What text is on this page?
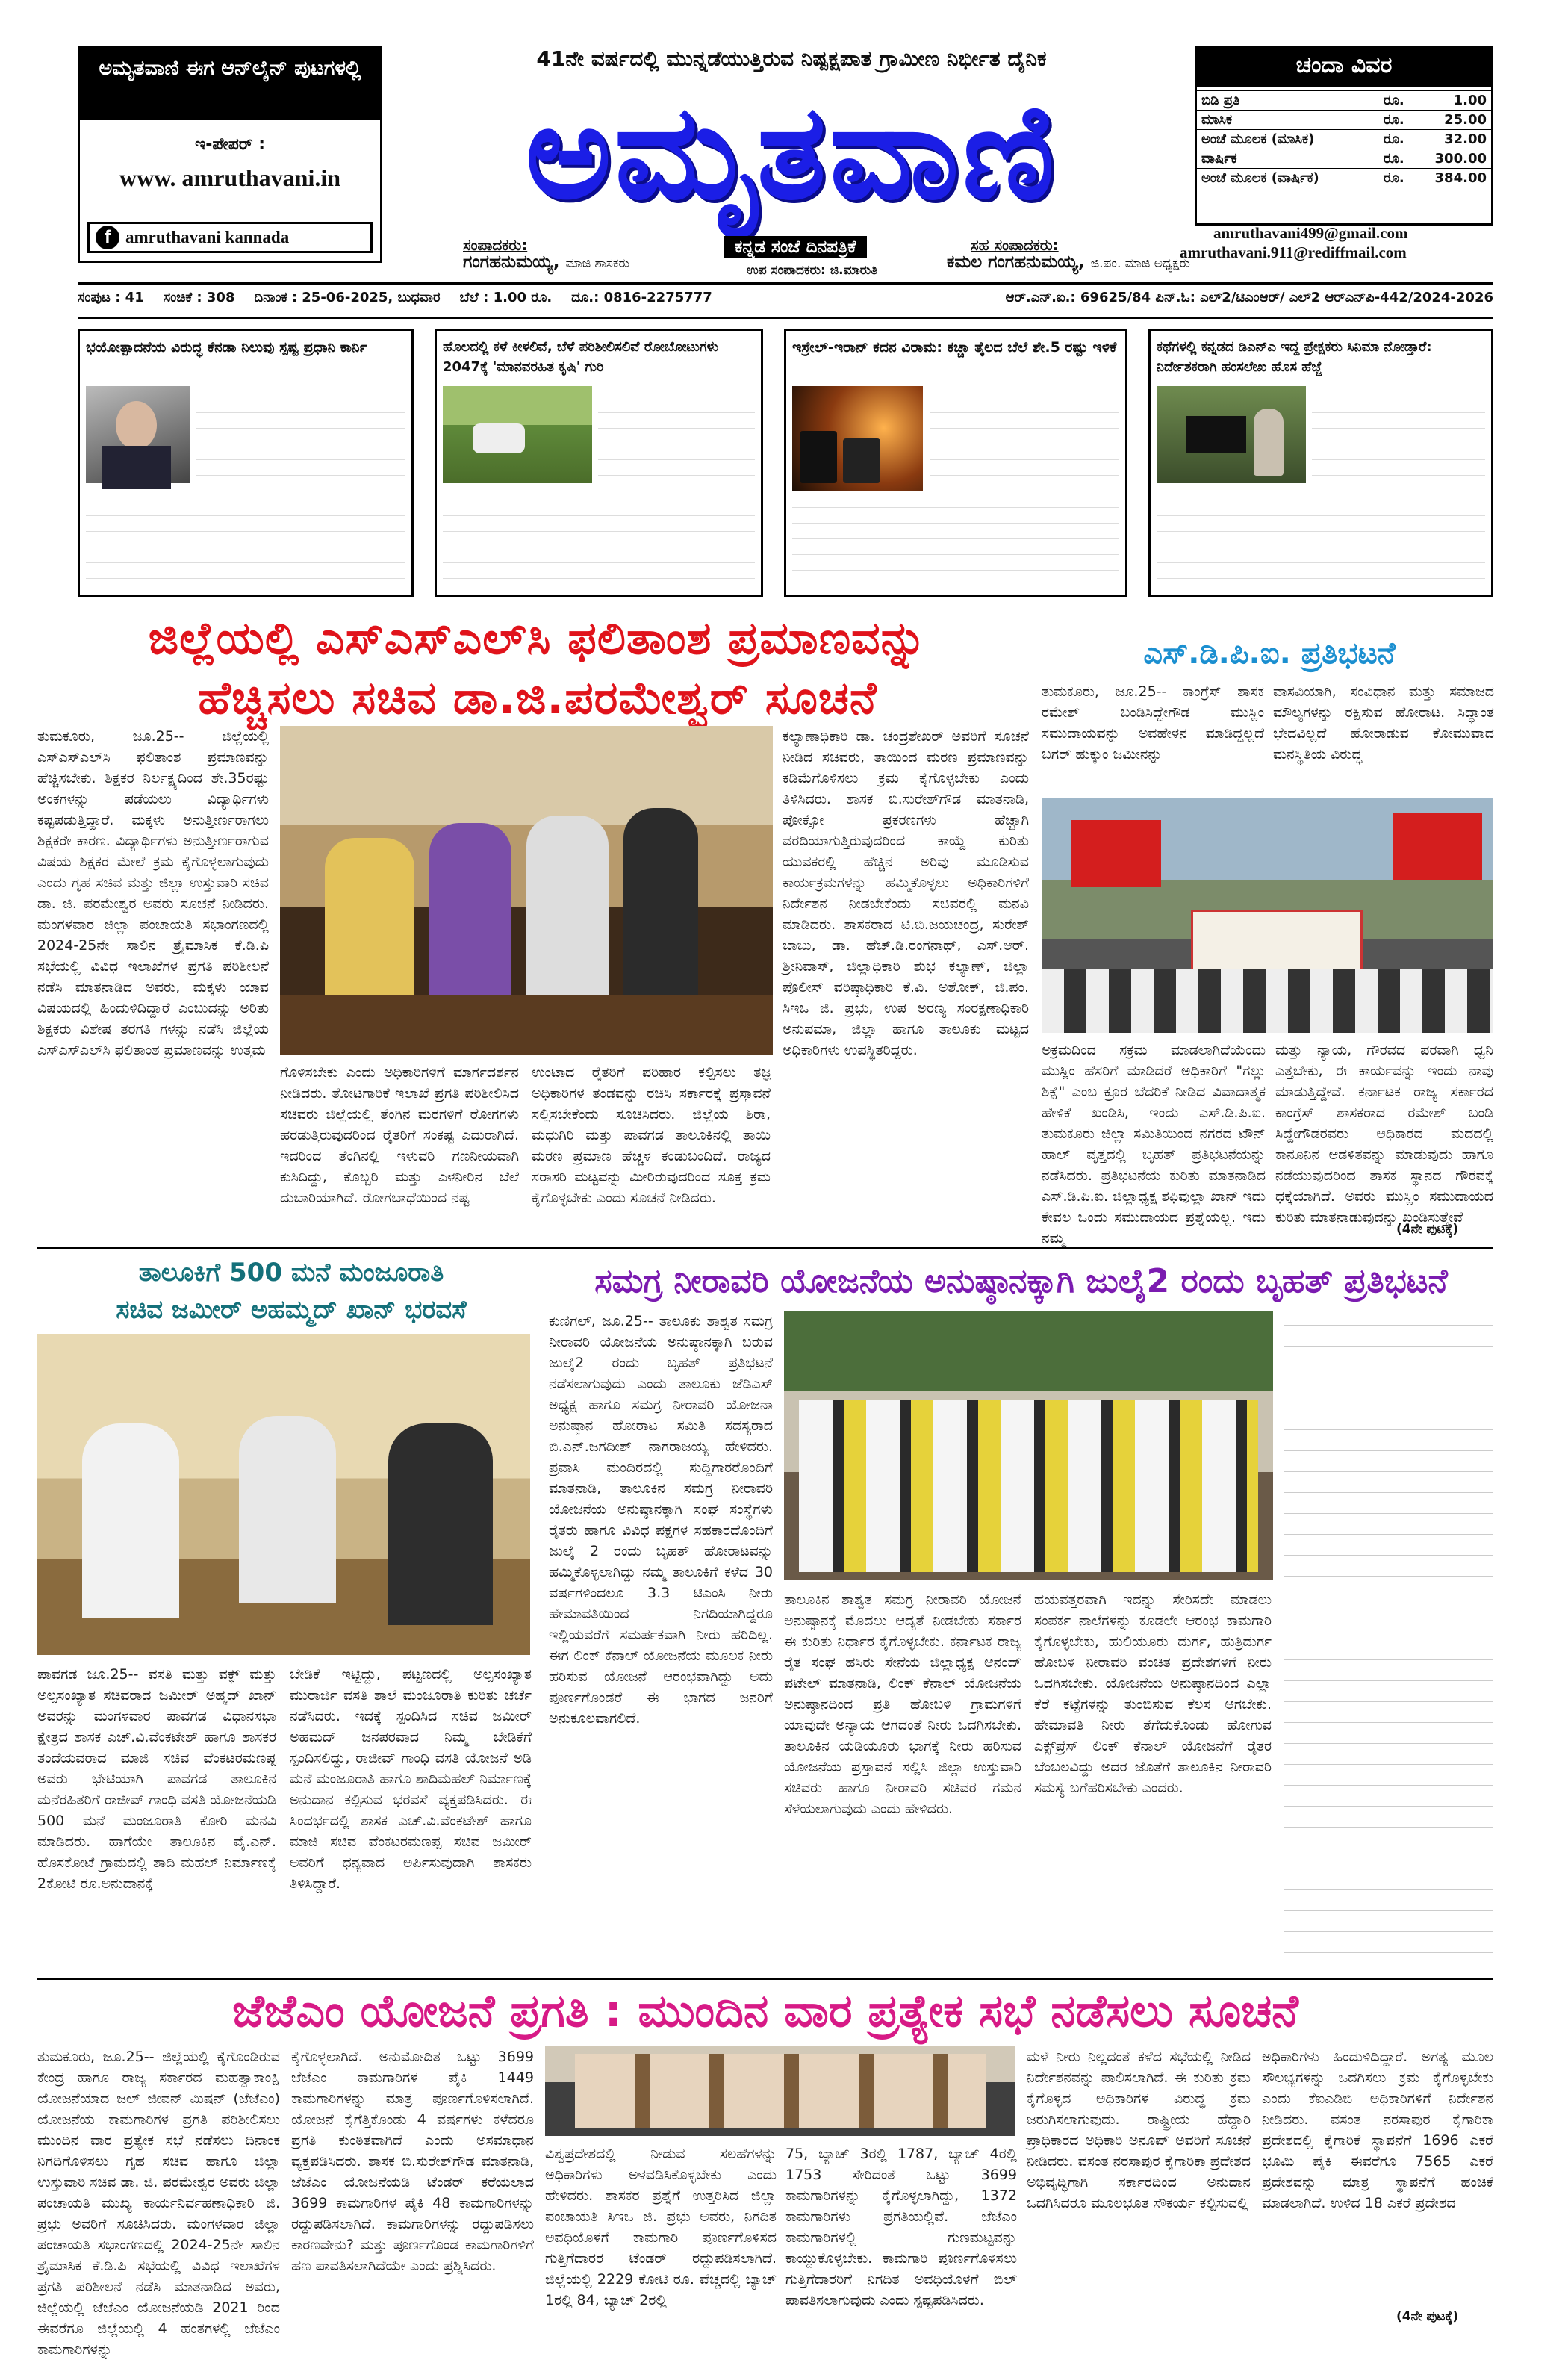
ಅಮೃತವಾಣಿ ಈಗ ಆನ್‌ಲೈನ್ ಪುಟಗಳಲ್ಲಿ
ಇ-ಪೇಪರ್ :
www. amruthavani.in
f amruthavani kannada
41ನೇ ವರ್ಷದಲ್ಲಿ ಮುನ್ನಡೆಯುತ್ತಿರುವ ನಿಷ್ಪಕ್ಷಪಾತ ಗ್ರಾಮೀಣ ನಿರ್ಭೀತ ದೈನಿಕ
ಅಮೃತವಾಣಿ
ಸಂಪಾದಕರು:
ಗಂಗಹನುಮಯ್ಯ, ಮಾಜಿ ಶಾಸಕರು
ಕನ್ನಡ ಸಂಜೆ ದಿನಪತ್ರಿಕೆ
ಉಪ ಸಂಪಾದಕರು: ಜಿ.ಮಾರುತಿ
ಸಹ ಸಂಪಾದಕರು:
ಕಮಲ ಗಂಗಹನುಮಯ್ಯ, ಜಿ.ಪಂ. ಮಾಜಿ ಅಧ್ಯಕ್ಷರು
ಚಂದಾ ವಿವರ
ಬಿಡಿ ಪ್ರತಿ	ರೂ.	1.00
ಮಾಸಿಕ	ರೂ.	25.00
ಅಂಚೆ ಮೂಲಕ (ಮಾಸಿಕ)	ರೂ.	32.00
ವಾರ್ಷಿಕ	ರೂ.	300.00
ಅಂಚೆ ಮೂಲಕ (ವಾರ್ಷಿಕ)	ರೂ.	384.00
amruthavani499@gmail.com
amruthavani.911@rediffmail.com
ಸಂಪುಟ : 41 ಸಂಚಿಕೆ : 308 ದಿನಾಂಕ : 25-06-2025, ಬುಧವಾರ ಬೆಲೆ : 1.00 ರೂ. ದೂ.: 0816-2275777	ಆರ್.ಎನ್.ಐ.: 69625/84 ಪಿನ್.ಓ: ಎಲ್2/ಟಿಎಂಆರ್/ ಎಲ್2 ಆರ್‌ಎನ್‌ಪಿ-442/2024-2026
ಭಯೋತ್ಪಾದನೆಯ ವಿರುದ್ಧ ಕೆನಡಾ ನಿಲುವು ಸ್ಪಷ್ಟ ಪ್ರಧಾನಿ ಕಾರ್ನಿ	ಹೊಲದಲ್ಲಿ ಕಳೆ ಕೀಳಲಿವೆ, ಬೆಳೆ ಪರಿಶೀಲಿಸಲಿವೆ ರೋಬೋಟುಗಳು 2047ಕ್ಕೆ 'ಮಾನವರಹಿತ ಕೃಷಿ' ಗುರಿ
ಇಸ್ರೇಲ್-ಇರಾನ್ ಕದನ ವಿರಾಮ: ಕಚ್ಚಾ ತೈಲದ ಬೆಲೆ ಶೇ.5 ರಷ್ಟು ಇಳಿಕೆ	ಕಥೆಗಳಲ್ಲಿ ಕನ್ನಡದ ಡಿಎನ್‌ಎ ಇದ್ದ ಪ್ರೇಕ್ಷಕರು ಸಿನಿಮಾ ನೋಡ್ತಾರೆ: ನಿರ್ದೇಶಕರಾಗಿ ಹಂಸಲೇಖ ಹೊಸ ಹೆಜ್ಜೆ
ಜಿಲ್ಲೆಯಲ್ಲಿ ಎಸ್‌ಎಸ್‌ಎಲ್‌ಸಿ ಫಲಿತಾಂಶ ಪ್ರಮಾಣವನ್ನು
ಹೆಚ್ಚಿಸಲು ಸಚಿವ ಡಾ.ಜಿ.ಪರಮೇಶ್ವರ್ ಸೂಚನೆ
ತುಮಕೂರು, ಜೂ.25-- ಜಿಲ್ಲೆಯಲ್ಲಿ ಎಸ್‌ಎಸ್‌ಎಲ್‌ಸಿ ಫಲಿತಾಂಶ ಪ್ರಮಾಣವನ್ನು ಹೆಚ್ಚಿಸಬೇಕು. ಶಿಕ್ಷಕರ ನಿರ್ಲಕ್ಷ್ಯದಿಂದ ಶೇ.35ರಷ್ಟು ಅಂಕಗಳನ್ನು ಪಡೆಯಲು ವಿದ್ಯಾರ್ಥಿಗಳು ಕಷ್ಟಪಡುತ್ತಿದ್ದಾರೆ. ಮಕ್ಕಳು ಅನುತ್ತೀರ್ಣರಾಗಲು ಶಿಕ್ಷಕರೇ ಕಾರಣ. ವಿದ್ಯಾರ್ಥಿಗಳು ಅನುತ್ತೀರ್ಣರಾಗುವ ವಿಷಯ ಶಿಕ್ಷಕರ ಮೇಲೆ ಕ್ರಮ ಕೈಗೊಳ್ಳಲಾಗುವುದು ಎಂದು ಗೃಹ ಸಚಿವ ಮತ್ತು ಜಿಲ್ಲಾ ಉಸ್ತುವಾರಿ ಸಚಿವ ಡಾ. ಜಿ. ಪರಮೇಶ್ವರ ಅವರು ಸೂಚನೆ ನೀಡಿದರು. ಮಂಗಳವಾರ ಜಿಲ್ಲಾ ಪಂಚಾಯತಿ ಸಭಾಂಗಣದಲ್ಲಿ 2024-25ನೇ ಸಾಲಿನ ತ್ರೈಮಾಸಿಕ ಕೆ.ಡಿ.ಪಿ ಸಭೆಯಲ್ಲಿ ವಿವಿಧ ಇಲಾಖೆಗಳ ಪ್ರಗತಿ ಪರಿಶೀಲನೆ ನಡೆಸಿ ಮಾತನಾಡಿದ ಅವರು, ಮಕ್ಕಳು ಯಾವ ವಿಷಯದಲ್ಲಿ ಹಿಂದುಳಿದಿದ್ದಾರೆ ಎಂಬುದನ್ನು ಅರಿತು ಶಿಕ್ಷಕರು ವಿಶೇಷ ತರಗತಿ ಗಳನ್ನು ನಡೆಸಿ ಜಿಲ್ಲೆಯ ಎಸ್‌ಎಸ್‌ಎಲ್‌ಸಿ ಫಲಿತಾಂಶ ಪ್ರಮಾಣವನ್ನು ಉತ್ತಮ
ಕಲ್ಯಾಣಾಧಿಕಾರಿ ಡಾ. ಚಂದ್ರಶೇಖರ್ ಅವರಿಗೆ ಸೂಚನೆ ನೀಡಿದ ಸಚಿವರು, ತಾಯಿಂದ ಮರಣ ಪ್ರಮಾಣವನ್ನು ಕಡಿಮೆಗೊಳಿಸಲು ಕ್ರಮ ಕೈಗೊಳ್ಳಬೇಕು ಎಂದು ತಿಳಿಸಿದರು. ಶಾಸಕ ಬಿ.ಸುರೇಶ್‌ಗೌಡ ಮಾತನಾಡಿ, ಪೋಕ್ಸೋ ಪ್ರಕರಣಗಳು ಹೆಚ್ಚಾಗಿ ವರದಿಯಾಗುತ್ತಿರುವುದರಿಂದ ಕಾಯ್ದೆ ಕುರಿತು ಯುವಕರಲ್ಲಿ ಹೆಚ್ಚಿನ ಅರಿವು ಮೂಡಿಸುವ ಕಾರ್ಯಕ್ರಮಗಳನ್ನು ಹಮ್ಮಿಕೊಳ್ಳಲು ಅಧಿಕಾರಿಗಳಿಗೆ ನಿರ್ದೇಶನ ನೀಡಬೇಕೆಂದು ಸಚಿವರಲ್ಲಿ ಮನವಿ ಮಾಡಿದರು. ಶಾಸಕರಾದ ಟಿ.ಬಿ.ಜಯಚಂದ್ರ, ಸುರೇಶ್ ಬಾಬು, ಡಾ. ಹೆಚ್.ಡಿ.ರಂಗನಾಥ್, ಎಸ್.ಆರ್. ಶ್ರೀನಿವಾಸ್, ಜಿಲ್ಲಾಧಿಕಾರಿ ಶುಭ ಕಲ್ಯಾಣ್, ಜಿಲ್ಲಾ ಪೊಲೀಸ್ ವರಿಷ್ಠಾಧಿಕಾರಿ ಕೆ.ವಿ. ಅಶೋಕ್, ಜಿ.ಪಂ. ಸಿಇಒ ಜಿ. ಪ್ರಭು, ಉಪ ಅರಣ್ಯ ಸಂರಕ್ಷಣಾಧಿಕಾರಿ ಅನುಪಮಾ, ಜಿಲ್ಲಾ ಹಾಗೂ ತಾಲೂಕು ಮಟ್ಟದ ಅಧಿಕಾರಿಗಳು ಉಪಸ್ಥಿತರಿದ್ದರು.
ಗೊಳಿಸಬೇಕು ಎಂದು ಅಧಿಕಾರಿಗಳಿಗೆ ಮಾರ್ಗದರ್ಶನ ನೀಡಿದರು. ತೋಟಗಾರಿಕೆ ಇಲಾಖೆ ಪ್ರಗತಿ ಪರಿಶೀಲಿಸಿದ ಸಚಿವರು ಜಿಲ್ಲೆಯಲ್ಲಿ ತೆಂಗಿನ ಮರಗಳಿಗೆ ರೋಗಗಳು ಹರಡುತ್ತಿರುವುದರಿಂದ ರೈತರಿಗೆ ಸಂಕಷ್ಟ ಎದುರಾಗಿದೆ. ಇದರಿಂದ ತೆಂಗಿನಲ್ಲಿ ಇಳುವರಿ ಗಣನೀಯವಾಗಿ ಕುಸಿದಿದ್ದು, ಕೊಬ್ಬರಿ ಮತ್ತು ಎಳನೀರಿನ ಬೆಲೆ ದುಬಾರಿಯಾಗಿದೆ. ರೋಗಬಾಧೆಯಿಂದ ನಷ್ಟ
ಉಂಟಾದ ರೈತರಿಗೆ ಪರಿಹಾರ ಕಲ್ಪಿಸಲು ತಜ್ಞ ಅಧಿಕಾರಿಗಳ ತಂಡವನ್ನು ರಚಿಸಿ ಸರ್ಕಾರಕ್ಕೆ ಪ್ರಸ್ತಾವನೆ ಸಲ್ಲಿಸಬೇಕೆಂದು ಸೂಚಿಸಿದರು. ಜಿಲ್ಲೆಯ ಶಿರಾ, ಮಧುಗಿರಿ ಮತ್ತು ಪಾವಗಡ ತಾಲೂಕಿನಲ್ಲಿ ತಾಯಿ ಮರಣ ಪ್ರಮಾಣ ಹೆಚ್ಚಳ ಕಂಡುಬಂದಿದೆ. ರಾಜ್ಯದ ಸರಾಸರಿ ಮಟ್ಟವನ್ನು ಮೀರಿರುವುದರಿಂದ ಸೂಕ್ತ ಕ್ರಮ ಕೈಗೊಳ್ಳಬೇಕು ಎಂದು ಸೂಚನೆ ನೀಡಿದರು.
ಎಸ್.ಡಿ.ಪಿ.ಐ. ಪ್ರತಿಭಟನೆ
ತುಮಕೂರು, ಜೂ.25-- ಕಾಂಗ್ರೆಸ್ ಶಾಸಕ ರಮೇಶ್ ಬಂಡಿಸಿದ್ದೇಗೌಡ ಮುಸ್ಲಿಂ ಸಮುದಾಯವನ್ನು ಅವಹೇಳನ ಮಾಡಿದ್ದಲ್ಲದೆ ಬಗರ್ ಹುಕ್ಕುಂ ಜಮೀನನ್ನು
ವಾಸವಿಯಾಗಿ, ಸಂವಿಧಾನ ಮತ್ತು ಸಮಾಜದ ಮೌಲ್ಯಗಳನ್ನು ರಕ್ಷಿಸುವ ಹೋರಾಟ. ಸಿದ್ಧಾಂತ ಭೇದವಿಲ್ಲದೆ ಹೋರಾಡುವ ಕೋಮುವಾದ ಮನಸ್ಥಿತಿಯ ವಿರುದ್ಧ
ಅಕ್ರಮದಿಂದ ಸಕ್ರಮ ಮಾಡಲಾಗಿದೆಯೆಂದು ಮುಸ್ಲಿಂ ಹೆಸರಿಗೆ ಮಾಡಿದರೆ ಅಧಿಕಾರಿಗೆ "ಗಲ್ಲು ಶಿಕ್ಷೆ" ಎಂಬ ಕ್ರೂರ ಬೆದರಿಕೆ ನೀಡಿದ ವಿವಾದಾತ್ಮಕ ಹೇಳಿಕೆ ಖಂಡಿಸಿ, ಇಂದು ಎಸ್.ಡಿ.ಪಿ.ಐ. ತುಮಕೂರು ಜಿಲ್ಲಾ ಸಮಿತಿಯಿಂದ ನಗರದ ಟೌನ್ ಹಾಲ್ ವೃತ್ತದಲ್ಲಿ ಬೃಹತ್ ಪ್ರತಿಭಟನೆಯನ್ನು ನಡೆಸಿದರು. ಪ್ರತಿಭಟನೆಯ ಕುರಿತು ಮಾತನಾಡಿದ ಎಸ್.ಡಿ.ಪಿ.ಐ. ಜಿಲ್ಲಾಧ್ಯಕ್ಷ ಶಫಿವುಲ್ಲಾ ಖಾನ್ ಇದು ಕೇವಲ ಒಂದು ಸಮುದಾಯದ ಪ್ರಶ್ನೆಯಲ್ಲ. ಇದು ನಮ್ಮ
ಮತ್ತು ನ್ಯಾಯ, ಗೌರವದ ಪರವಾಗಿ ಧ್ವನಿ ಎತ್ತಬೇಕು, ಈ ಕಾರ್ಯವನ್ನು ಇಂದು ನಾವು ಮಾಡುತ್ತಿದ್ದೇವೆ. ಕರ್ನಾಟಕ ರಾಜ್ಯ ಸರ್ಕಾರದ ಕಾಂಗ್ರೆಸ್ ಶಾಸಕರಾದ ರಮೇಶ್ ಬಂಡಿ ಸಿದ್ದೇಗೌಡರವರು ಅಧಿಕಾರದ ಮದದಲ್ಲಿ ಕಾನೂನಿನ ಆಡಳಿತವನ್ನು ಮಾಡುವುದು ಹಾಗೂ ನಡೆಯುವುದರಿಂದ ಶಾಸಕ ಸ್ಥಾನದ ಗೌರವಕ್ಕೆ ಧಕ್ಕೆಯಾಗಿದೆ. ಅವರು ಮುಸ್ಲಿಂ ಸಮುದಾಯದ ಕುರಿತು ಮಾತನಾಡುವುದನ್ನು ಖಂಡಿಸುತ್ತೇವೆ
(4ನೇ ಪುಟಕ್ಕೆ)
ತಾಲೂಕಿಗೆ 500 ಮನೆ ಮಂಜೂರಾತಿ
ಸಚಿವ ಜಮೀರ್ ಅಹಮ್ಮದ್ ಖಾನ್ ಭರವಸೆ
ಪಾವಗಡ ಜೂ.25-- ವಸತಿ ಮತ್ತು ವಕ್ಫ್ ಮತ್ತು ಅಲ್ಪಸಂಖ್ಯಾತ ಸಚಿವರಾದ ಜಮೀರ್ ಅಹ್ಮದ್ ಖಾನ್ ಅವರನ್ನು ಮಂಗಳವಾರ ಪಾವಗಡ ವಿಧಾನಸಭಾ ಕ್ಷೇತ್ರದ ಶಾಸಕ ಎಚ್.ವಿ.ವೆಂಕಟೇಶ್ ಹಾಗೂ ಶಾಸಕರ ತಂದೆಯವರಾದ ಮಾಜಿ ಸಚಿವ ವೆಂಕಟರಮಣಪ್ಪ ಅವರು ಭೇಟಿಯಾಗಿ ಪಾವಗಡ ತಾಲೂಕಿನ ಮನೆರಹಿತರಿಗೆ ರಾಜೀವ್ ಗಾಂಧಿ ವಸತಿ ಯೋಜನೆಯಡಿ 500 ಮನೆ ಮಂಜೂರಾತಿ ಕೋರಿ ಮನವಿ ಮಾಡಿದರು. ಹಾಗೆಯೇ ತಾಲೂಕಿನ ವೈ.ಎನ್. ಹೊಸಕೋಟೆ ಗ್ರಾಮದಲ್ಲಿ ಶಾದಿ ಮಹಲ್ ನಿರ್ಮಾಣಕ್ಕೆ 2ಕೋಟಿ ರೂ.ಅನುದಾನಕ್ಕೆ
ಬೇಡಿಕೆ ಇಟ್ಟಿದ್ದು, ಪಟ್ಟಣದಲ್ಲಿ ಅಲ್ಪಸಂಖ್ಯಾತ ಮುರಾರ್ಜಿ ವಸತಿ ಶಾಲೆ ಮಂಜೂರಾತಿ ಕುರಿತು ಚರ್ಚೆ ನಡೆಸಿದರು. ಇದಕ್ಕೆ ಸ್ಪಂದಿಸಿದ ಸಚಿವ ಜಮೀರ್ ಅಹಮದ್ ಜನಪರವಾದ ನಿಮ್ಮ ಬೇಡಿಕೆಗೆ ಸ್ಪಂದಿಸಲಿದ್ದು, ರಾಜೀವ್ ಗಾಂಧಿ ವಸತಿ ಯೋಜನೆ ಅಡಿ ಮನೆ ಮಂಜೂರಾತಿ ಹಾಗೂ ಶಾದಿಮಹಲ್ ನಿರ್ಮಾಣಕ್ಕೆ ಅನುದಾನ ಕಲ್ಪಿಸುವ ಭರವಸೆ ವ್ಯಕ್ತಪಡಿಸಿದರು. ಈ ಸಿಂದರ್ಭದಲ್ಲಿ ಶಾಸಕ ಎಚ್.ವಿ.ವೆಂಕಟೇಶ್ ಹಾಗೂ ಮಾಜಿ ಸಚಿವ ವೆಂಕಟರಮಣಪ್ಪ ಸಚಿವ ಜಮೀರ್ ಅವರಿಗೆ ಧನ್ಯವಾದ ಅರ್ಪಿಸುವುದಾಗಿ ಶಾಸಕರು ತಿಳಿಸಿದ್ದಾರೆ.
ಸಮಗ್ರ ನೀರಾವರಿ ಯೋಜನೆಯ ಅನುಷ್ಠಾನಕ್ಕಾಗಿ ಜುಲೈ2 ರಂದು ಬೃಹತ್ ಪ್ರತಿಭಟನೆ
ಕುಣಿಗಲ್, ಜೂ.25-- ತಾಲೂಕು ಶಾಶ್ವತ ಸಮಗ್ರ ನೀರಾವರಿ ಯೋಜನೆಯ ಅನುಷ್ಠಾನಕ್ಕಾಗಿ ಬರುವ ಜುಲೈ2 ರಂದು ಬೃಹತ್ ಪ್ರತಿಭಟನೆ ನಡೆಸಲಾಗುವುದು ಎಂದು ತಾಲೂಕು ಜೆಡಿಎಸ್ ಅಧ್ಯಕ್ಷ ಹಾಗೂ ಸಮಗ್ರ ನೀರಾವರಿ ಯೋಜನಾ ಅನುಷ್ಠಾನ ಹೋರಾಟ ಸಮಿತಿ ಸದಸ್ಯರಾದ ಬಿ.ಎನ್.ಜಗದೀಶ್ ನಾಗರಾಜಯ್ಯ ಹೇಳಿದರು. ಪ್ರವಾಸಿ ಮಂದಿರದಲ್ಲಿ ಸುದ್ದಿಗಾರರೊಂದಿಗೆ ಮಾತನಾಡಿ, ತಾಲೂಕಿನ ಸಮಗ್ರ ನೀರಾವರಿ ಯೋಜನೆಯ ಅನುಷ್ಠಾನಕ್ಕಾಗಿ ಸಂಘ ಸಂಸ್ಥೆಗಳು ರೈತರು ಹಾಗೂ ವಿವಿಧ ಪಕ್ಷಗಳ ಸಹಕಾರದೊಂದಿಗೆ ಜುಲೈ 2 ರಂದು ಬೃಹತ್ ಹೋರಾಟವನ್ನು ಹಮ್ಮಿಕೊಳ್ಳಲಾಗಿದ್ದು ನಮ್ಮ ತಾಲೂಕಿಗೆ ಕಳೆದ 30 ವರ್ಷಗಳಿಂದಲೂ 3.3 ಟಿಎಂಸಿ ನೀರು ಹೇಮಾವತಿಯಿಂದ ನಿಗದಿಯಾಗಿದ್ದರೂ ಇಲ್ಲಿಯವರೆಗೆ ಸಮರ್ಪಕವಾಗಿ ನೀರು ಹರಿದಿಲ್ಲ. ಈಗ ಲಿಂಕ್ ಕೆನಾಲ್ ಯೋಜನೆಯ ಮೂಲಕ ನೀರು ಹರಿಸುವ ಯೋಜನೆ ಆರಂಭವಾಗಿದ್ದು ಅದು ಪೂರ್ಣಗೊಂಡರೆ ಈ ಭಾಗದ ಜನರಿಗೆ ಅನುಕೂಲವಾಗಲಿದೆ.
ತಾಲೂಕಿನ ಶಾಶ್ವತ ಸಮಗ್ರ ನೀರಾವರಿ ಯೋಜನೆ ಅನುಷ್ಠಾನಕ್ಕೆ ಮೊದಲು ಆದ್ಯತೆ ನೀಡಬೇಕು ಸರ್ಕಾರ ಈ ಕುರಿತು ನಿರ್ಧಾರ ಕೈಗೊಳ್ಳಬೇಕು. ಕರ್ನಾಟಕ ರಾಜ್ಯ ರೈತ ಸಂಘ ಹಸಿರು ಸೇನೆಯ ಜಿಲ್ಲಾಧ್ಯಕ್ಷ ಆನಂದ್ ಪಟೇಲ್ ಮಾತನಾಡಿ, ಲಿಂಕ್ ಕೆನಾಲ್ ಯೋಜನೆಯ ಅನುಷ್ಠಾನದಿಂದ ಪ್ರತಿ ಹೋಬಳಿ ಗ್ರಾಮಗಳಿಗೆ ಯಾವುದೇ ಅನ್ಯಾಯ ಆಗದಂತೆ ನೀರು ಒದಗಿಸಬೇಕು. ತಾಲೂಕಿನ ಯಡಿಯೂರು ಭಾಗಕ್ಕೆ ನೀರು ಹರಿಸುವ ಯೋಜನೆಯ ಪ್ರಸ್ತಾವನೆ ಸಲ್ಲಿಸಿ ಜಿಲ್ಲಾ ಉಸ್ತುವಾರಿ ಸಚಿವರು ಹಾಗೂ ನೀರಾವರಿ ಸಚಿವರ ಗಮನ ಸೆಳೆಯಲಾಗುವುದು ಎಂದು ಹೇಳಿದರು.
ಹಯವತ್ತರವಾಗಿ ಇದನ್ನು ಸೇರಿಸದೇ ಮಾಡಲು ಸಂಪರ್ಕ ನಾಲೆಗಳನ್ನು ಕೂಡಲೇ ಆರಂಭ ಕಾಮಗಾರಿ ಕೈಗೊಳ್ಳಬೇಕು, ಹುಲಿಯೂರು ದುರ್ಗ, ಹುತ್ರಿದುರ್ಗ ಹೋಬಳಿ ನೀರಾವರಿ ವಂಚಿತ ಪ್ರದೇಶಗಳಿಗೆ ನೀರು ಒದಗಿಸಬೇಕು. ಯೋಜನೆಯ ಅನುಷ್ಠಾನದಿಂದ ಎಲ್ಲಾ ಕೆರೆ ಕಟ್ಟೆಗಳನ್ನು ತುಂಬಿಸುವ ಕೆಲಸ ಆಗಬೇಕು. ಹೇಮಾವತಿ ನೀರು ತೆಗೆದುಕೊಂಡು ಹೋಗುವ ಎಕ್ಸ್‌ಪ್ರೆಸ್ ಲಿಂಕ್ ಕೆನಾಲ್ ಯೋಜನೆಗೆ ರೈತರ ಬೆಂಬಲವಿದ್ದು ಅದರ ಜೊತೆಗೆ ತಾಲೂಕಿನ ನೀರಾವರಿ ಸಮಸ್ಯೆ ಬಗೆಹರಿಸಬೇಕು ಎಂದರು.
ಜೆಜೆಎಂ ಯೋಜನೆ ಪ್ರಗತಿ : ಮುಂದಿನ ವಾರ ಪ್ರತ್ಯೇಕ ಸಭೆ ನಡೆಸಲು ಸೂಚನೆ
ತುಮಕೂರು, ಜೂ.25-- ಜಿಲ್ಲೆಯಲ್ಲಿ ಕೈಗೊಂಡಿರುವ ಕೇಂದ್ರ ಹಾಗೂ ರಾಜ್ಯ ಸರ್ಕಾರದ ಮಹತ್ವಾಕಾಂಕ್ಷಿ ಯೋಜನೆಯಾದ ಜಲ್ ಜೀವನ್ ಮಿಷನ್ (ಜೆಜೆಎಂ) ಯೋಜನೆಯ ಕಾಮಗಾರಿಗಳ ಪ್ರಗತಿ ಪರಿಶೀಲಿಸಲು ಮುಂದಿನ ವಾರ ಪ್ರತ್ಯೇಕ ಸಭೆ ನಡೆಸಲು ದಿನಾಂಕ ನಿಗದಿಗೊಳಿಸಲು ಗೃಹ ಸಚಿವ ಹಾಗೂ ಜಿಲ್ಲಾ ಉಸ್ತುವಾರಿ ಸಚಿವ ಡಾ. ಜಿ. ಪರಮೇಶ್ವರ ಅವರು ಜಿಲ್ಲಾ ಪಂಚಾಯತಿ ಮುಖ್ಯ ಕಾರ್ಯನಿರ್ವಹಣಾಧಿಕಾರಿ ಜಿ. ಪ್ರಭು ಅವರಿಗೆ ಸೂಚಿಸಿದರು. ಮಂಗಳವಾರ ಜಿಲ್ಲಾ ಪಂಚಾಯತಿ ಸಭಾಂಗಣದಲ್ಲಿ 2024-25ನೇ ಸಾಲಿನ ತ್ರೈಮಾಸಿಕ ಕೆ.ಡಿ.ಪಿ ಸಭೆಯಲ್ಲಿ ವಿವಿಧ ಇಲಾಖೆಗಳ ಪ್ರಗತಿ ಪರಿಶೀಲನೆ ನಡೆಸಿ ಮಾತನಾಡಿದ ಅವರು, ಜಿಲ್ಲೆಯಲ್ಲಿ ಜೆಜೆಎಂ ಯೋಜನೆಯಡಿ 2021 ರಿಂದ ಈವರೆಗೂ ಜಿಲ್ಲೆಯಲ್ಲಿ 4 ಹಂತಗಳಲ್ಲಿ ಜೆಜೆಎಂ ಕಾಮಗಾರಿಗಳನ್ನು
ಕೈಗೊಳ್ಳಲಾಗಿದೆ. ಅನುಮೋದಿತ ಒಟ್ಟು 3699 ಜೆಜೆಎಂ ಕಾಮಗಾರಿಗಳ ಪೈಕಿ 1449 ಕಾಮಗಾರಿಗಳನ್ನು ಮಾತ್ರ ಪೂರ್ಣಗೊಳಿಸಲಾಗಿದೆ. ಯೋಜನೆ ಕೈಗೆತ್ತಿಕೊಂಡು 4 ವರ್ಷಗಳು ಕಳೆದರೂ ಪ್ರಗತಿ ಕುಂಠಿತವಾಗಿದೆ ಎಂದು ಅಸಮಾಧಾನ ವ್ಯಕ್ತಪಡಿಸಿದರು. ಶಾಸಕ ಬಿ.ಸುರೇಶ್‌ಗೌಡ ಮಾತನಾಡಿ, ಜೆಜೆಎಂ ಯೋಜನೆಯಡಿ ಟೆಂಡರ್ ಕರೆಯಲಾದ 3699 ಕಾಮಗಾರಿಗಳ ಪೈಕಿ 48 ಕಾಮಗಾರಿಗಳನ್ನು ರದ್ದುಪಡಿಸಲಾಗಿದೆ. ಕಾಮಗಾರಿಗಳನ್ನು ರದ್ದುಪಡಿಸಲು ಕಾರಣವೇನು? ಮತ್ತು ಪೂರ್ಣಗೊಂಡ ಕಾಮಗಾರಿಗಳಿಗೆ ಹಣ ಪಾವತಿಸಲಾಗಿದೆಯೇ ಎಂದು ಪ್ರಶ್ನಿಸಿದರು.
ವಿಶ್ವಪ್ರದೇಶದಲ್ಲಿ ನೀಡುವ ಸಲಹೆಗಳನ್ನು ಅಧಿಕಾರಿಗಳು ಅಳವಡಿಸಿಕೊಳ್ಳಬೇಕು ಎಂದು ಹೇಳಿದರು. ಶಾಸಕರ ಪ್ರಶ್ನೆಗೆ ಉತ್ತರಿಸಿದ ಜಿಲ್ಲಾ ಪಂಚಾಯತಿ ಸಿಇಒ ಜಿ. ಪ್ರಭು ಅವರು, ನಿಗದಿತ ಅವಧಿಯೊಳಗೆ ಕಾಮಗಾರಿ ಪೂರ್ಣಗೊಳಿಸದ ಗುತ್ತಿಗೆದಾರರ ಟೆಂಡರ್ ರದ್ದುಪಡಿಸಲಾಗಿದೆ. ಜಿಲ್ಲೆಯಲ್ಲಿ 2229 ಕೋಟಿ ರೂ. ವೆಚ್ಚದಲ್ಲಿ ಬ್ಯಾಚ್ 1ರಲ್ಲಿ 84, ಬ್ಯಾಚ್ 2ರಲ್ಲಿ
75, ಬ್ಯಾಚ್ 3ರಲ್ಲಿ 1787, ಬ್ಯಾಚ್ 4ರಲ್ಲಿ 1753 ಸೇರಿದಂತೆ ಒಟ್ಟು 3699 ಕಾಮಗಾರಿಗಳನ್ನು ಕೈಗೊಳ್ಳಲಾಗಿದ್ದು, 1372 ಕಾಮಗಾರಿಗಳು ಪ್ರಗತಿಯಲ್ಲಿವೆ. ಜೆಜೆಎಂ ಕಾಮಗಾರಿಗಳಲ್ಲಿ ಗುಣಮಟ್ಟವನ್ನು ಕಾಯ್ದುಕೊಳ್ಳಬೇಕು. ಕಾಮಗಾರಿ ಪೂರ್ಣಗೊಳಿಸಲು ಗುತ್ತಿಗೆದಾರರಿಗೆ ನಿಗದಿತ ಅವಧಿಯೊಳಗೆ ಬಿಲ್ ಪಾವತಿಸಲಾಗುವುದು ಎಂದು ಸ್ಪಷ್ಟಪಡಿಸಿದರು.
ಮಳೆ ನೀರು ನಿಲ್ಲದಂತೆ ಕಳೆದ ಸಭೆಯಲ್ಲಿ ನೀಡಿದ ನಿರ್ದೇಶನವನ್ನು ಪಾಲಿಸಲಾಗಿದೆ. ಈ ಕುರಿತು ಕ್ರಮ ಕೈಗೊಳ್ಳದ ಅಧಿಕಾರಿಗಳ ವಿರುದ್ಧ ಕ್ರಮ ಜರುಗಿಸಲಾಗುವುದು. ರಾಷ್ಟ್ರೀಯ ಹೆದ್ದಾರಿ ಪ್ರಾಧಿಕಾರದ ಅಧಿಕಾರಿ ಅನೂಪ್ ಅವರಿಗೆ ಸೂಚನೆ ನೀಡಿದರು. ವಸಂತ ನರಸಾಪುರ ಕೈಗಾರಿಕಾ ಪ್ರದೇಶದ ಅಭಿವೃದ್ಧಿಗಾಗಿ ಸರ್ಕಾರದಿಂದ ಅನುದಾನ ಒದಗಿಸಿದರೂ ಮೂಲಭೂತ ಸೌಕರ್ಯ ಕಲ್ಪಿಸುವಲ್ಲಿ
ಅಧಿಕಾರಿಗಳು ಹಿಂದುಳಿದಿದ್ದಾರೆ. ಅಗತ್ಯ ಮೂಲ ಸೌಲಭ್ಯಗಳನ್ನು ಒದಗಿಸಲು ಕ್ರಮ ಕೈಗೊಳ್ಳಬೇಕು ಎಂದು ಕೆಐಎಡಿಬಿ ಅಧಿಕಾರಿಗಳಿಗೆ ನಿರ್ದೇಶನ ನೀಡಿದರು. ವಸಂತ ನರಸಾಪುರ ಕೈಗಾರಿಕಾ ಪ್ರದೇಶದಲ್ಲಿ ಕೈಗಾರಿಕೆ ಸ್ಥಾಪನೆಗೆ 1696 ಎಕರೆ ಭೂಮಿ ಪೈಕಿ ಈವರೆಗೂ 7565 ಎಕರೆ ಪ್ರದೇಶವನ್ನು ಮಾತ್ರ ಸ್ಥಾಪನೆಗೆ ಹಂಚಿಕೆ ಮಾಡಲಾಗಿದೆ. ಉಳಿದ 18 ಎಕರೆ ಪ್ರದೇಶದ
(4ನೇ ಪುಟಕ್ಕೆ)
